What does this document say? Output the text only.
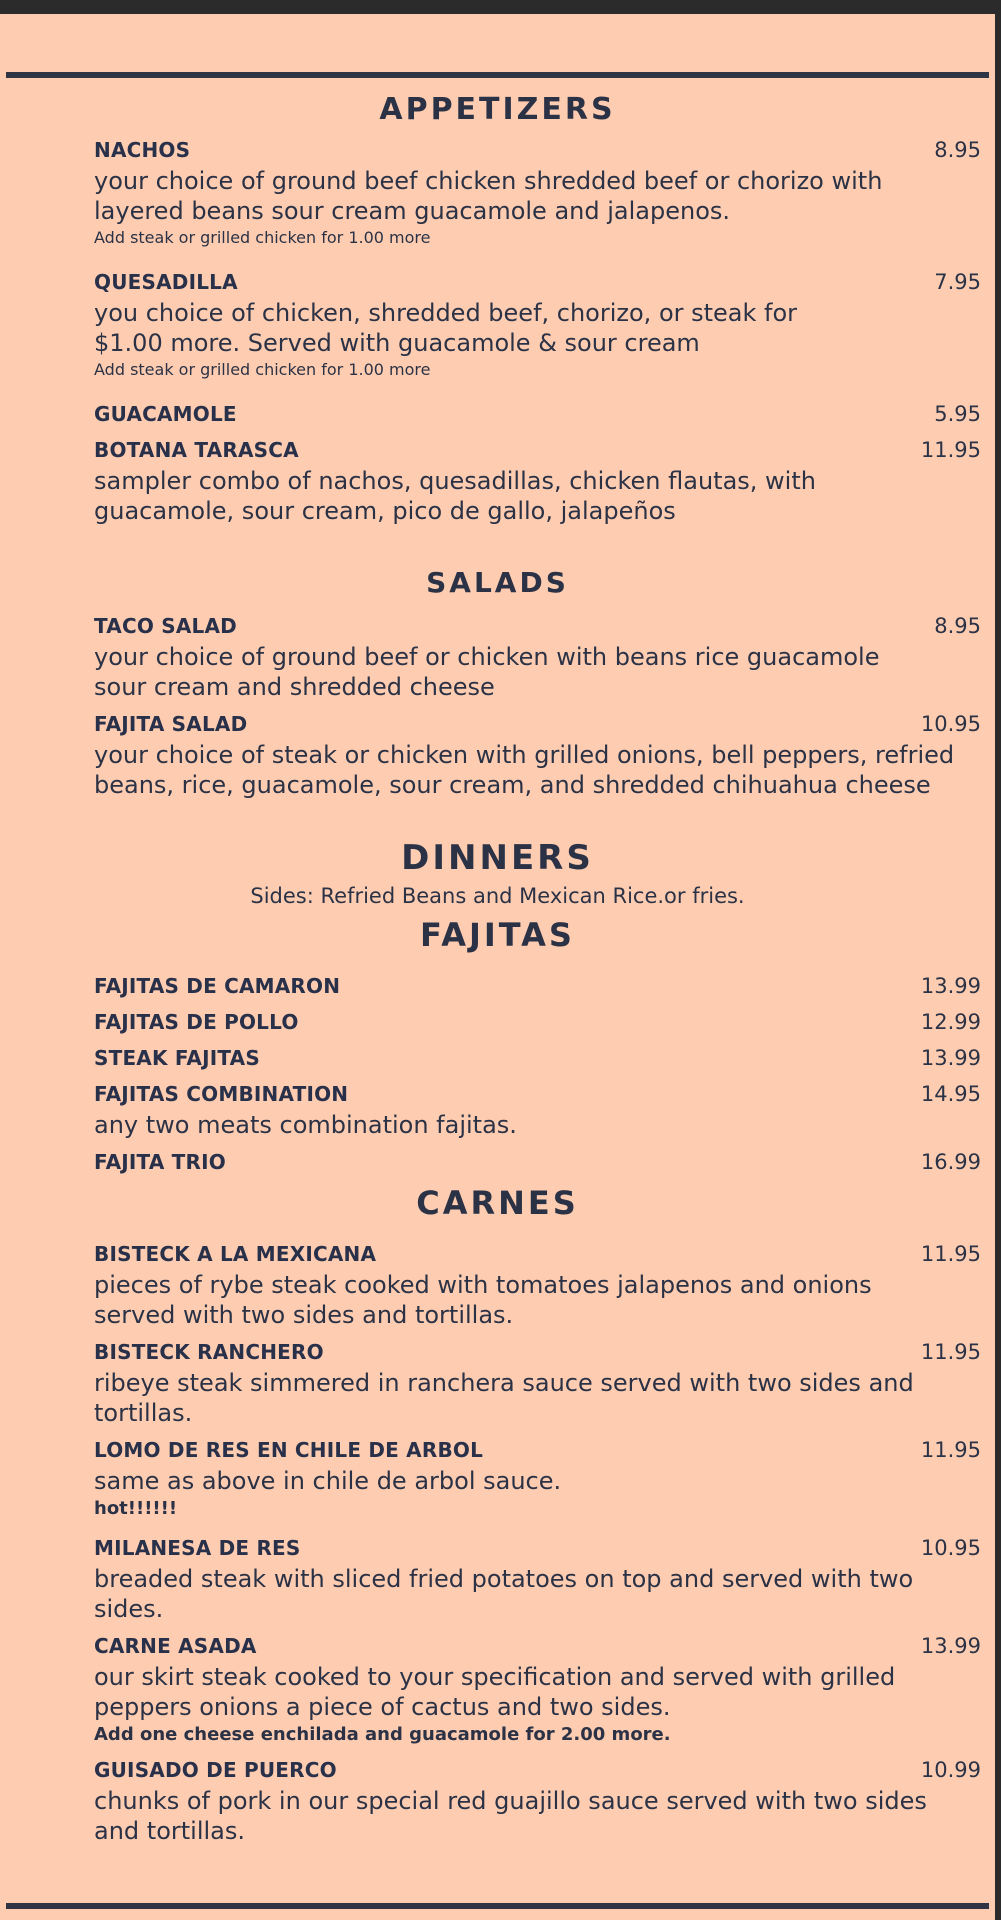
APPETIZERS
NACHOS	8.95
your choice of ground beef chicken shredded beef or chorizo with layered beans sour cream guacamole and jalapenos.
Add steak or grilled chicken for 1.00 more
QUESADILLA	7.95
you choice of chicken, shredded beef, chorizo, or steak for $1.00 more. Served with guacamole & sour cream
Add steak or grilled chicken for 1.00 more
GUACAMOLE	5.95
BOTANA TARASCA	11.95
sampler combo of nachos, quesadillas, chicken flautas, with guacamole, sour cream, pico de gallo, jalapeños
SALADS
TACO SALAD	8.95
your choice of ground beef or chicken with beans rice guacamole sour cream and shredded cheese
FAJITA SALAD	10.95
your choice of steak or chicken with grilled onions, bell peppers, refried beans, rice, guacamole, sour cream, and shredded chihuahua cheese
DINNERS
Sides: Refried Beans and Mexican Rice.or fries.
FAJITAS
FAJITAS DE CAMARON	13.99
FAJITAS DE POLLO	12.99
STEAK FAJITAS	13.99
FAJITAS COMBINATION	14.95
any two meats combination fajitas.
FAJITA TRIO	16.99
CARNES
BISTECK A LA MEXICANA	11.95
pieces of rybe steak cooked with tomatoes jalapenos and onions served with two sides and tortillas.
BISTECK RANCHERO	11.95
ribeye steak simmered in ranchera sauce served with two sides and tortillas.
LOMO DE RES EN CHILE DE ARBOL	11.95
same as above in chile de arbol sauce.
hot!!!!!!
MILANESA DE RES	10.95
breaded steak with sliced fried potatoes on top and served with two sides.
CARNE ASADA	13.99
our skirt steak cooked to your specification and served with grilled peppers onions a piece of cactus and two sides.
Add one cheese enchilada and guacamole for 2.00 more.
GUISADO DE PUERCO	10.99
chunks of pork in our special red guajillo sauce served with two sides and tortillas.
